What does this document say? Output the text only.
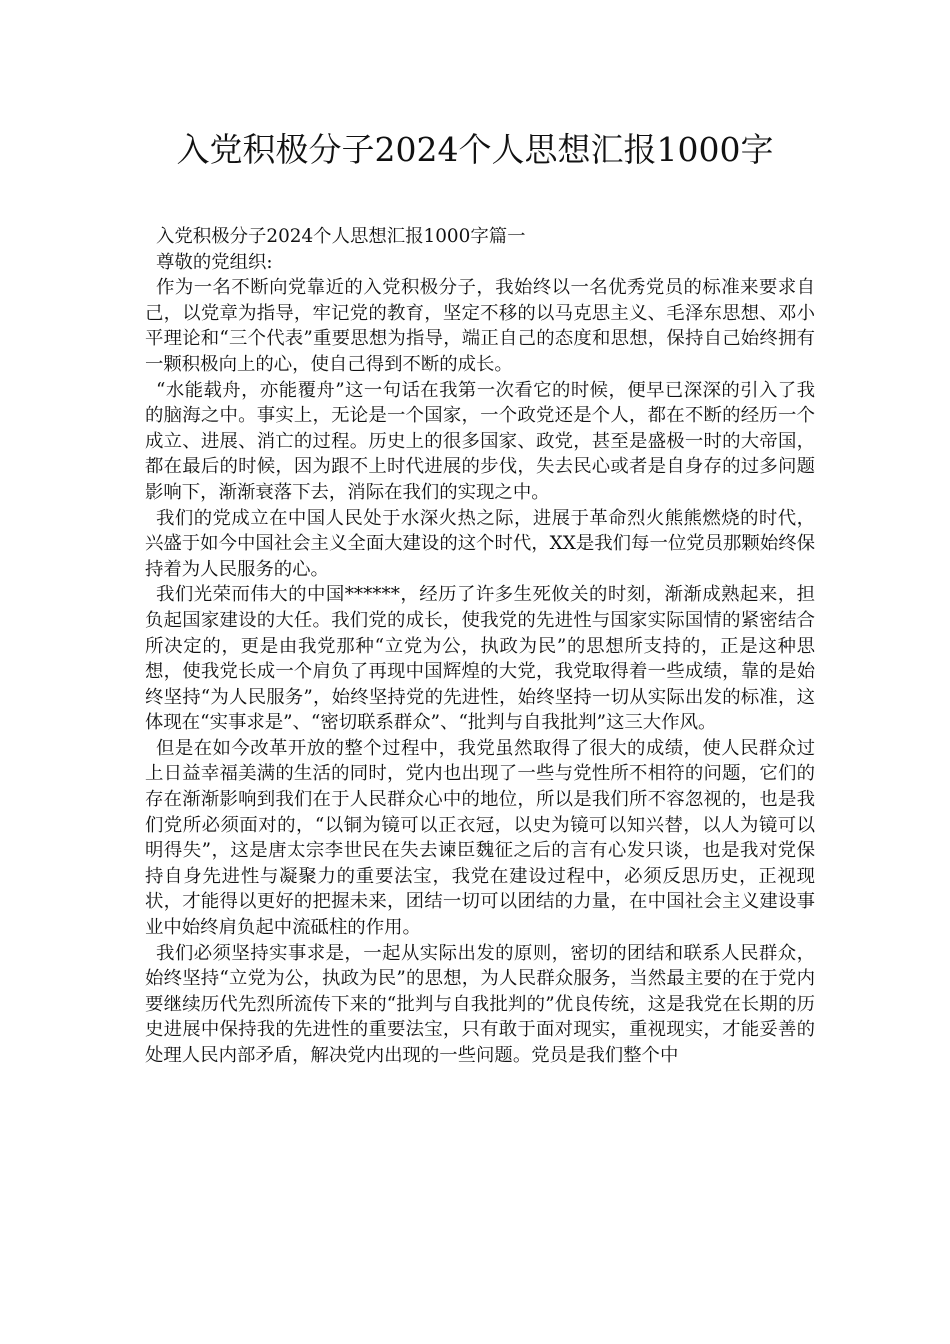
入党积极分子2024个人思想汇报1000字

入党积极分子2024个人思想汇报1000字篇一

尊敬的党组织:

作为一名不断向党靠近的入党积极分子，我始终以一名优秀党员的标准来要求自己，以党章为指导，牢记党的教育，坚定不移的以马克思主义、毛泽东思想、邓小平理论和“三个代表”重要思想为指导，端正自己的态度和思想，保持自己始终拥有一颗积极向上的心，使自己得到不断的成长。

“水能载舟，亦能覆舟”这一句话在我第一次看它的时候，便早已深深的引入了我的脑海之中。事实上，无论是一个国家，一个政党还是个人，都在不断的经历一个成立、进展、消亡的过程。历史上的很多国家、政党，甚至是盛极一时的大帝国，都在最后的时候，因为跟不上时代进展的步伐，失去民心或者是自身存的过多问题影响下，渐渐衰落下去，消际在我们的实现之中。

我们的党成立在中国人民处于水深火热之际，进展于革命烈火熊熊燃烧的时代，兴盛于如今中国社会主义全面大建设的这个时代，XX是我们每一位党员那颗始终保持着为人民服务的心。

我们光荣而伟大的中国******，经历了许多生死攸关的时刻，渐渐成熟起来，担负起国家建设的大任。我们党的成长，使我党的先进性与国家实际国情的紧密结合所决定的，更是由我党那种“立党为公，执政为民”的思想所支持的，正是这种思想，使我党长成一个肩负了再现中国辉煌的大党，我党取得着一些成绩，靠的是始终坚持“为人民服务”，始终坚持党的先进性，始终坚持一切从实际出发的标准，这体现在“实事求是”、“密切联系群众”、“批判与自我批判”这三大作风。

但是在如今改革开放的整个过程中，我党虽然取得了很大的成绩，使人民群众过上日益幸福美满的生活的同时，党内也出现了一些与党性所不相符的问题，它们的存在渐渐影响到我们在于人民群众心中的地位，所以是我们所不容忽视的，也是我们党所必须面对的，“以铜为镜可以正衣冠，以史为镜可以知兴替，以人为镜可以明得失”，这是唐太宗李世民在失去谏臣魏征之后的言有心发只谈，也是我对党保持自身先进性与凝聚力的重要法宝，我党在建设过程中，必须反思历史，正视现状，才能得以更好的把握未来，团结一切可以团结的力量，在中国社会主义建设事业中始终肩负起中流砥柱的作用。

我们必须坚持实事求是，一起从实际出发的原则，密切的团结和联系人民群众，始终坚持“立党为公，执政为民”的思想，为人民群众服务，当然最主要的在于党内要继续历代先烈所流传下来的“批判与自我批判的”优良传统，这是我党在长期的历史进展中保持我的先进性的重要法宝，只有敢于面对现实，重视现实，才能妥善的处理人民内部矛盾，解决党内出现的一些问题。党员是我们整个中
